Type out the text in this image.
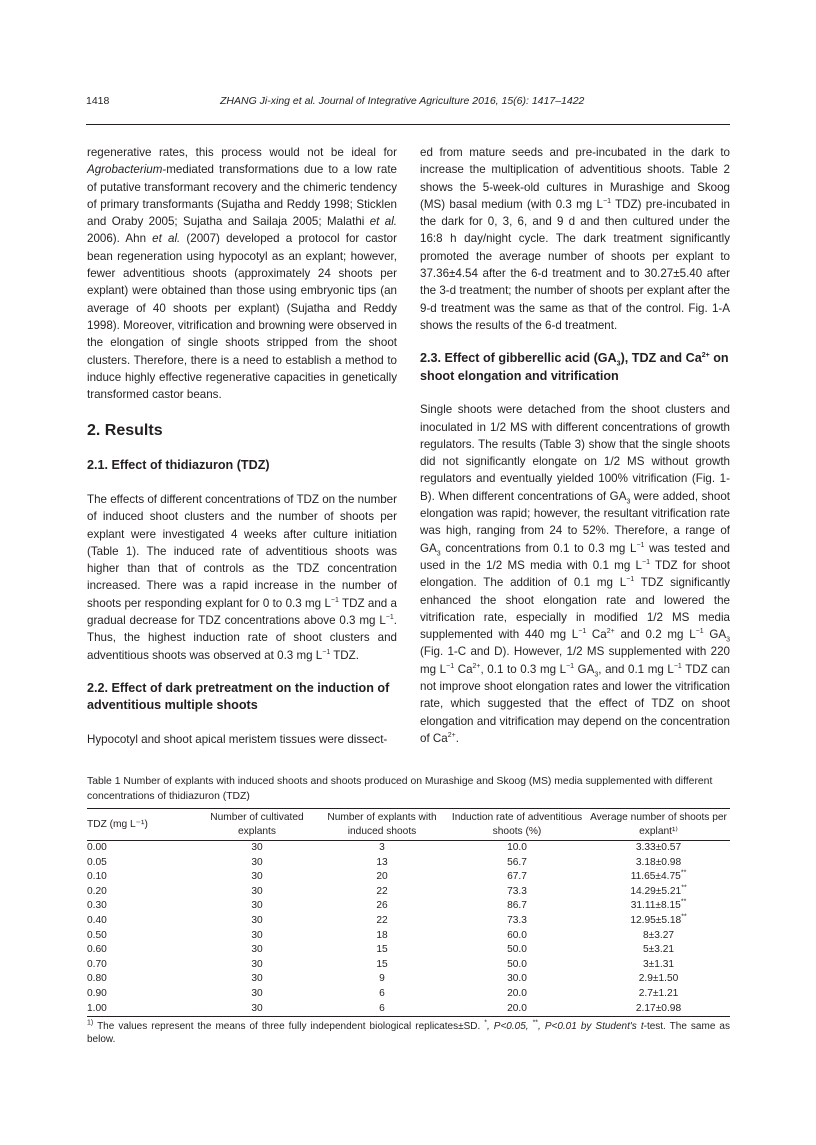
1418	ZHANG Ji-xing et al. Journal of Integrative Agriculture 2016, 15(6): 1417–1422

regenerative rates, this process would not be ideal for Agrobacterium-mediated transformations due to a low rate of putative transformant recovery and the chimeric tendency of primary transformants (Sujatha and Reddy 1998; Sticklen and Oraby 2005; Sujatha and Sailaja 2005; Malathi et al. 2006). Ahn et al. (2007) developed a protocol for castor bean regeneration using hypocotyl as an explant; however, fewer adventitious shoots (approximately 24 shoots per explant) were obtained than those using embryonic tips (an average of 40 shoots per explant) (Sujatha and Reddy 1998). Moreover, vitrification and browning were observed in the elongation of single shoots stripped from the shoot clusters. Therefore, there is a need to establish a method to induce highly effective regenerative capacities in genetically transformed castor beans.

2. Results
2.1. Effect of thidiazuron (TDZ)

The effects of different concentrations of TDZ on the number of induced shoot clusters and the number of shoots per explant were investigated 4 weeks after culture initiation (Table 1). The induced rate of adventitious shoots was higher than that of controls as the TDZ concentration increased. There was a rapid increase in the number of shoots per responding explant for 0 to 0.3 mg $L^{-1}$ TDZ and a gradual decrease for TDZ concentrations above 0.3 mg $L^{-1}$. Thus, the highest induction rate of shoot clusters and adventitious shoots was observed at 0.3 mg $L^{-1}$ TDZ.

2.2. Effect of dark pretreatment on the induction of adventitious multiple shoots

Hypocotyl and shoot apical meristem tissues were dissect-

ed from mature seeds and pre-incubated in the dark to increase the multiplication of adventitious shoots. Table 2 shows the 5-week-old cultures in Murashige and Skoog (MS) basal medium (with 0.3 mg $L^{-1}$ TDZ) pre-incubated in the dark for 0, 3, 6, and 9 d and then cultured under the 16:8 h day/night cycle. The dark treatment significantly promoted the average number of shoots per explant to 37.36±4.54 after the 6-d treatment and to 30.27±5.40 after the 3-d treatment; the number of shoots per explant after the 9-d treatment was the same as that of the control. Fig. 1-A shows the results of the 6-d treatment.

2.3. Effect of gibberellic acid $(GA_3)$, TDZ and $Ca^{2+}$ on shoot elongation and vitrification

Single shoots were detached from the shoot clusters and inoculated in 1/2 MS with different concentrations of growth regulators. The results (Table 3) show that the single shoots did not significantly elongate on 1/2 MS without growth regulators and eventually yielded 100% vitrification (Fig. 1-B). When different concentrations of $GA_3$ were added, shoot elongation was rapid; however, the resultant vitrification rate was high, ranging from 24 to 52%. Therefore, a range of $GA_3$ concentrations from 0.1 to 0.3 mg $L^{-1}$ was tested and used in the 1/2 MS media with 0.1 mg $L^{-1}$ TDZ for shoot elongation. The addition of 0.1 mg $L^{-1}$ TDZ significantly enhanced the shoot elongation rate and lowered the vitrification rate, especially in modified 1/2 MS media supplemented with 440 mg $L^{-1}$ $Ca^{2+}$ and 0.2 mg $L^{-1}$ $GA_3$ (Fig. 1-C and D). However, 1/2 MS supplemented with 220 mg $L^{-1}$ $Ca^{2+}$, 0.1 to 0.3 mg $L^{-1}$ $GA_3$, and 0.1 mg $L^{-1}$ TDZ can not improve shoot elongation rates and lower the vitrification rate, which suggested that the effect of TDZ on shoot elongation and vitrification may depend on the concentration of $Ca^{2+}$.

Table 1 Number of explants with induced shoots and shoots produced on Murashige and Skoog (MS) media supplemented with different concentrations of thidiazuron (TDZ)
TDZ (mg L⁻¹)	Number of cultivated explants	Number of explants with induced shoots	Induction rate of adventitious shoots (%)	Average number of shoots per explant¹⁾
0.00	30	3	10.0	3.33±0.57
0.05	30	13	56.7	3.18±0.98
0.10	30	20	67.7	11.65±4.75**
0.20	30	22	73.3	14.29±5.21**
0.30	30	26	86.7	31.11±8.15**
0.40	30	22	73.3	12.95±5.18**
0.50	30	18	60.0	8±3.27
0.60	30	15	50.0	5±3.21
0.70	30	15	50.0	3±1.31
0.80	30	9	30.0	2.9±1.50
0.90	30	6	20.0	2.7±1.21
1.00	30	6	20.0	2.17±0.98
$^{1)}$ The values represent the means of three fully independent biological replicates±SD. *, P<0.05, **, P<0.01 by Student's t-test. The same as below.
